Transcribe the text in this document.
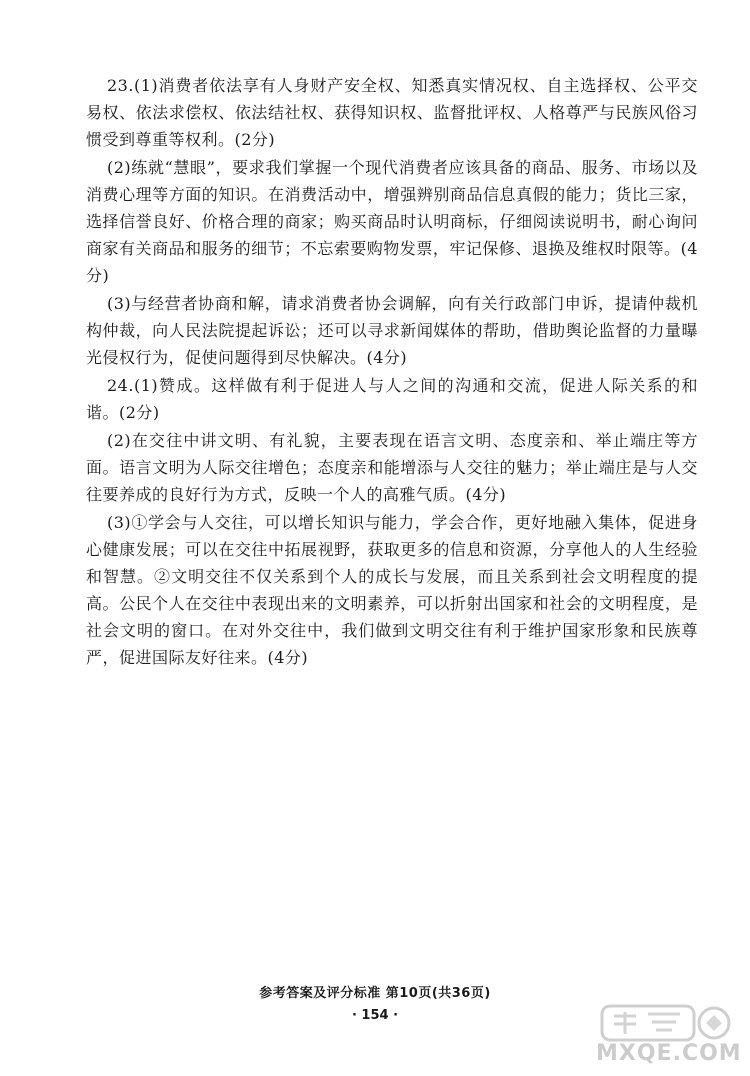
23.(1)消费者依法享有人身财产安全权、知悉真实情况权、自主选择权、公平交易权、依法求偿权、依法结社权、获得知识权、监督批评权、人格尊严与民族风俗习惯受到尊重等权利。(2分)

(2)练就“慧眼”，要求我们掌握一个现代消费者应该具备的商品、服务、市场以及消费心理等方面的知识。在消费活动中，增强辨别商品信息真假的能力；货比三家，选择信誉良好、价格合理的商家；购买商品时认明商标，仔细阅读说明书，耐心询问商家有关商品和服务的细节；不忘索要购物发票，牢记保修、退换及维权时限等。(4分)

(3)与经营者协商和解，请求消费者协会调解，向有关行政部门申诉，提请仲裁机构仲裁，向人民法院提起诉讼；还可以寻求新闻媒体的帮助，借助舆论监督的力量曝光侵权行为，促使问题得到尽快解决。(4分)

24.(1)赞成。这样做有利于促进人与人之间的沟通和交流，促进人际关系的和谐。(2分)

(2)在交往中讲文明、有礼貌，主要表现在语言文明、态度亲和、举止端庄等方面。语言文明为人际交往增色；态度亲和能增添与人交往的魅力；举止端庄是与人交往要养成的良好行为方式，反映一个人的高雅气质。(4分)

(3)①学会与人交往，可以增长知识与能力，学会合作，更好地融入集体，促进身心健康发展；可以在交往中拓展视野，获取更多的信息和资源，分享他人的人生经验和智慧。②文明交往不仅关系到个人的成长与发展，而且关系到社会文明程度的提高。公民个人在交往中表现出来的文明素养，可以折射出国家和社会的文明程度，是社会文明的窗口。在对外交往中，我们做到文明交往有利于维护国家形象和民族尊严，促进国际友好往来。(4分)

参考答案及评分标准 第10页(共36页)
· 154 ·
MXQE.COM
